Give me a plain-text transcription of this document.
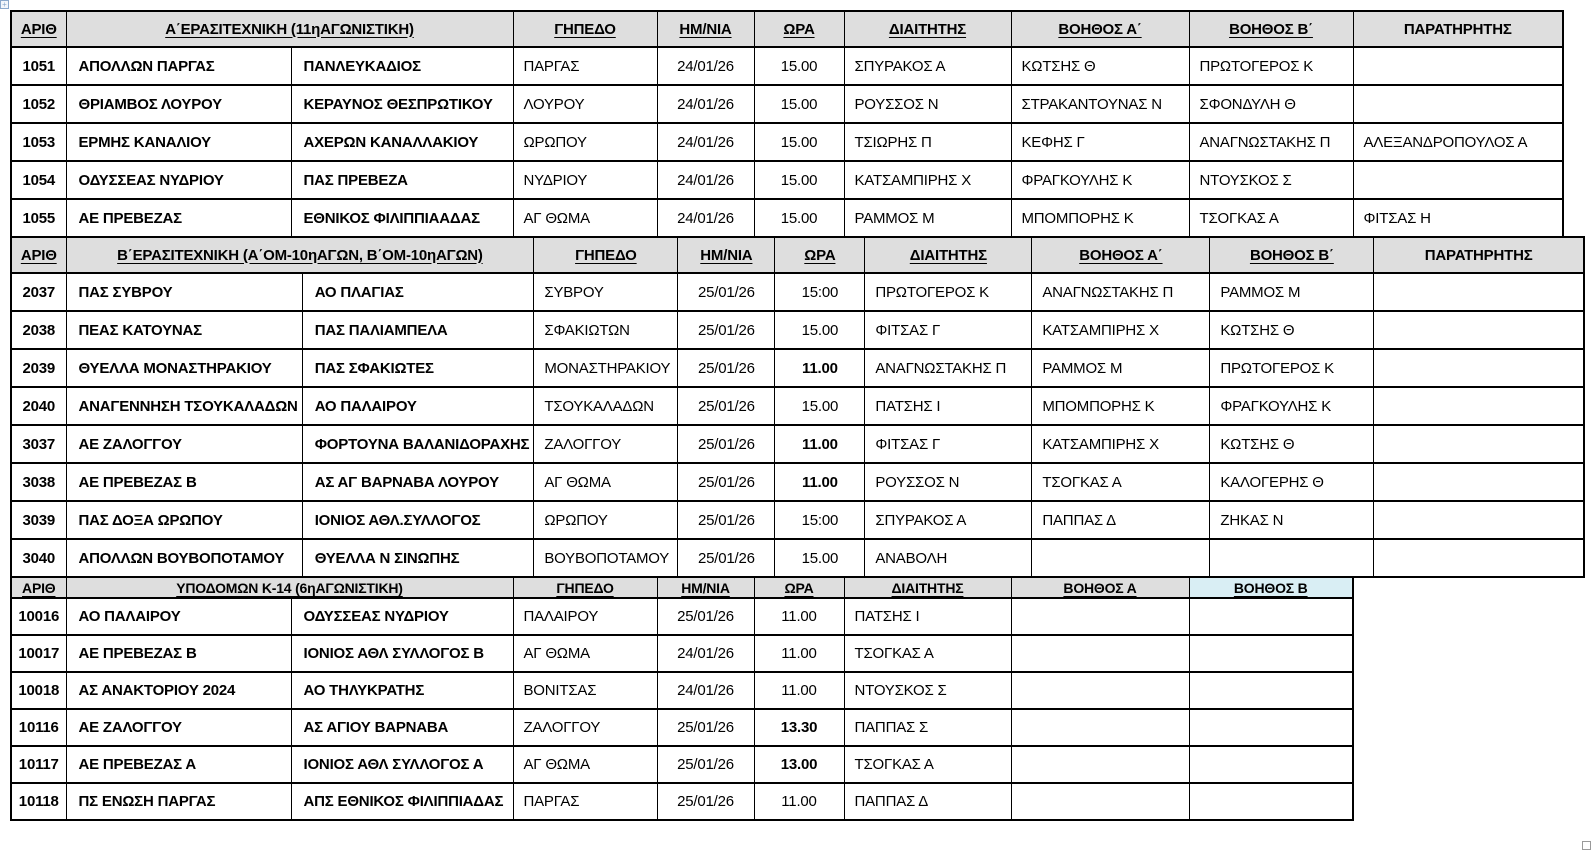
+
ΑΡΙΘ	Α΄ΕΡΑΣΙΤΕΧΝΙΚΗ (11ηΑΓΩΝΙΣΤΙΚΗ)		ΓΗΠΕΔΟ	ΗΜ/ΝΙΑ	ΩΡΑ	ΔΙΑΙΤΗΤΗΣ	ΒΟΗΘΟΣ Α΄	ΒΟΗΘΟΣ Β΄	ΠΑΡΑΤΗΡΗΤΗΣ
1051	ΑΠΟΛΛΩΝ ΠΑΡΓΑΣ	ΠΑΝΛΕΥΚΑΔΙΟΣ	ΠΑΡΓΑΣ	24/01/26	15.00	ΣΠΥΡΑΚΟΣ Α	ΚΩΤΣΗΣ Θ	ΠΡΩΤΟΓΕΡΟΣ Κ	
1052	ΘΡΙΑΜΒΟΣ ΛΟΥΡΟΥ	ΚΕΡΑΥΝΟΣ ΘΕΣΠΡΩΤΙΚΟΥ	ΛΟΥΡΟΥ	24/01/26	15.00	ΡΟΥΣΣΟΣ Ν	ΣΤΡΑΚΑΝΤΟΥΝΑΣ Ν	ΣΦΟΝΔΥΛΗ Θ	
1053	ΕΡΜΗΣ ΚΑΝΑΛΙΟΥ	ΑΧΕΡΩΝ ΚΑΝΑΛΛΑΚΙΟΥ	ΩΡΩΠΟΥ	24/01/26	15.00	ΤΣΙΩΡΗΣ Π	ΚΕΦΗΣ Γ	ΑΝΑΓΝΩΣΤΑΚΗΣ Π	ΑΛΕΞΑΝΔΡΟΠΟΥΛΟΣ Α
1054	ΟΔΥΣΣΕΑΣ ΝΥΔΡΙΟΥ	ΠΑΣ ΠΡΕΒΕΖΑ	ΝΥΔΡΙΟΥ	24/01/26	15.00	ΚΑΤΣΑΜΠΙΡΗΣ Χ	ΦΡΑΓΚΟΥΛΗΣ Κ	ΝΤΟΥΣΚΟΣ Σ	
1055	ΑΕ ΠΡΕΒΕΖΑΣ	ΕΘΝΙΚΟΣ ΦΙΛΙΠΠΙΑΑΔΑΣ	ΑΓ ΘΩΜΑ	24/01/26	15.00	ΡΑΜΜΟΣ Μ	ΜΠΟΜΠΟΡΗΣ Κ	ΤΣΟΓΚΑΣ Α	ΦΙΤΣΑΣ Η
ΑΡΙΘ	Β΄ΕΡΑΣΙΤΕΧΝΙΚΗ (Α΄ΟΜ-10ηΑΓΩΝ, Β΄ΟΜ-10ηΑΓΩΝ)		ΓΗΠΕΔΟ	ΗΜ/ΝΙΑ	ΩΡΑ	ΔΙΑΙΤΗΤΗΣ	ΒΟΗΘΟΣ Α΄	ΒΟΗΘΟΣ Β΄	ΠΑΡΑΤΗΡΗΤΗΣ
2037	ΠΑΣ ΣΥΒΡΟΥ	ΑΟ ΠΛΑΓΙΑΣ	ΣΥΒΡΟΥ	25/01/26	15:00	ΠΡΩΤΟΓΕΡΟΣ Κ	ΑΝΑΓΝΩΣΤΑΚΗΣ Π	ΡΑΜΜΟΣ Μ	
2038	ΠΕΑΣ ΚΑΤΟΥΝΑΣ	ΠΑΣ ΠΑΛΙΑΜΠΕΛΑ	ΣΦΑΚΙΩΤΩΝ	25/01/26	15.00	ΦΙΤΣΑΣ Γ	ΚΑΤΣΑΜΠΙΡΗΣ Χ	ΚΩΤΣΗΣ Θ	
2039	ΘΥΕΛΛΑ ΜΟΝΑΣΤΗΡΑΚΙΟΥ	ΠΑΣ ΣΦΑΚΙΩΤΕΣ	ΜΟΝΑΣΤΗΡΑΚΙΟΥ	25/01/26	11.00	ΑΝΑΓΝΩΣΤΑΚΗΣ Π	ΡΑΜΜΟΣ Μ	ΠΡΩΤΟΓΕΡΟΣ Κ	
2040	ΑΝΑΓΕΝΝΗΣΗ ΤΣΟΥΚΑΛΑΔΩΝ	ΑΟ ΠΑΛΑΙΡΟΥ	ΤΣΟΥΚΑΛΑΔΩΝ	25/01/26	15.00	ΠΑΤΣΗΣ Ι	ΜΠΟΜΠΟΡΗΣ Κ	ΦΡΑΓΚΟΥΛΗΣ Κ	
3037	ΑΕ ΖΑΛΟΓΓΟΥ	ΦΟΡΤΟΥΝΑ ΒΑΛΑΝΙΔΟΡΑΧΗΣ	ΖΑΛΟΓΓΟΥ	25/01/26	11.00	ΦΙΤΣΑΣ Γ	ΚΑΤΣΑΜΠΙΡΗΣ Χ	ΚΩΤΣΗΣ Θ	
3038	ΑΕ ΠΡΕΒΕΖΑΣ Β	ΑΣ ΑΓ ΒΑΡΝΑΒΑ ΛΟΥΡΟΥ	ΑΓ ΘΩΜΑ	25/01/26	11.00	ΡΟΥΣΣΟΣ Ν	ΤΣΟΓΚΑΣ Α	ΚΑΛΟΓΕΡΗΣ Θ	
3039	ΠΑΣ ΔΟΞΑ ΩΡΩΠΟΥ	ΙΟΝΙΟΣ ΑΘΛ.ΣΥΛΛΟΓΟΣ	ΩΡΩΠΟΥ	25/01/26	15:00	ΣΠΥΡΑΚΟΣ Α	ΠΑΠΠΑΣ Δ	ΖΗΚΑΣ Ν	
3040	ΑΠΟΛΛΩΝ ΒΟΥΒΟΠΟΤΑΜΟΥ	ΘΥΕΛΛΑ Ν ΣΙΝΩΠΗΣ	ΒΟΥΒΟΠΟΤΑΜΟΥ	25/01/26	15.00	ΑΝΑΒΟΛΗ			
ΑΡΙΘ	ΥΠΟΔΟΜΩΝ Κ-14 (6ηΑΓΩΝΙΣΤΙΚΗ)		ΓΗΠΕΔΟ	ΗΜ/ΝΙΑ	ΩΡΑ	ΔΙΑΙΤΗΤΗΣ	ΒΟΗΘΟΣ Α	ΒΟΗΘΟΣ Β
10016	ΑΟ ΠΑΛΑΙΡΟΥ	ΟΔΥΣΣΕΑΣ ΝΥΔΡΙΟΥ	ΠΑΛΑΙΡΟΥ	25/01/26	11.00	ΠΑΤΣΗΣ Ι		
10017	ΑΕ ΠΡΕΒΕΖΑΣ Β	ΙΟΝΙΟΣ ΑΘΛ ΣΥΛΛΟΓΟΣ Β	ΑΓ ΘΩΜΑ	24/01/26	11.00	ΤΣΟΓΚΑΣ Α		
10018	ΑΣ ΑΝΑΚΤΟΡΙΟΥ 2024	ΑΟ ΤΗΛΥΚΡΑΤΗΣ	ΒΟΝΙΤΣΑΣ	24/01/26	11.00	ΝΤΟΥΣΚΟΣ Σ		
10116	ΑΕ ΖΑΛΟΓΓΟΥ	ΑΣ ΑΓΙΟΥ ΒΑΡΝΑΒΑ	ΖΑΛΟΓΓΟΥ	25/01/26	13.30	ΠΑΠΠΑΣ Σ		
10117	ΑΕ ΠΡΕΒΕΖΑΣ Α	ΙΟΝΙΟΣ ΑΘΛ ΣΥΛΛΟΓΟΣ Α	ΑΓ ΘΩΜΑ	25/01/26	13.00	ΤΣΟΓΚΑΣ Α		
10118	ΠΣ ΕΝΩΣΗ ΠΑΡΓΑΣ	ΑΠΣ ΕΘΝΙΚΟΣ ΦΙΛΙΠΠΙΑΔΑΣ	ΠΑΡΓΑΣ	25/01/26	11.00	ΠΑΠΠΑΣ Δ		
